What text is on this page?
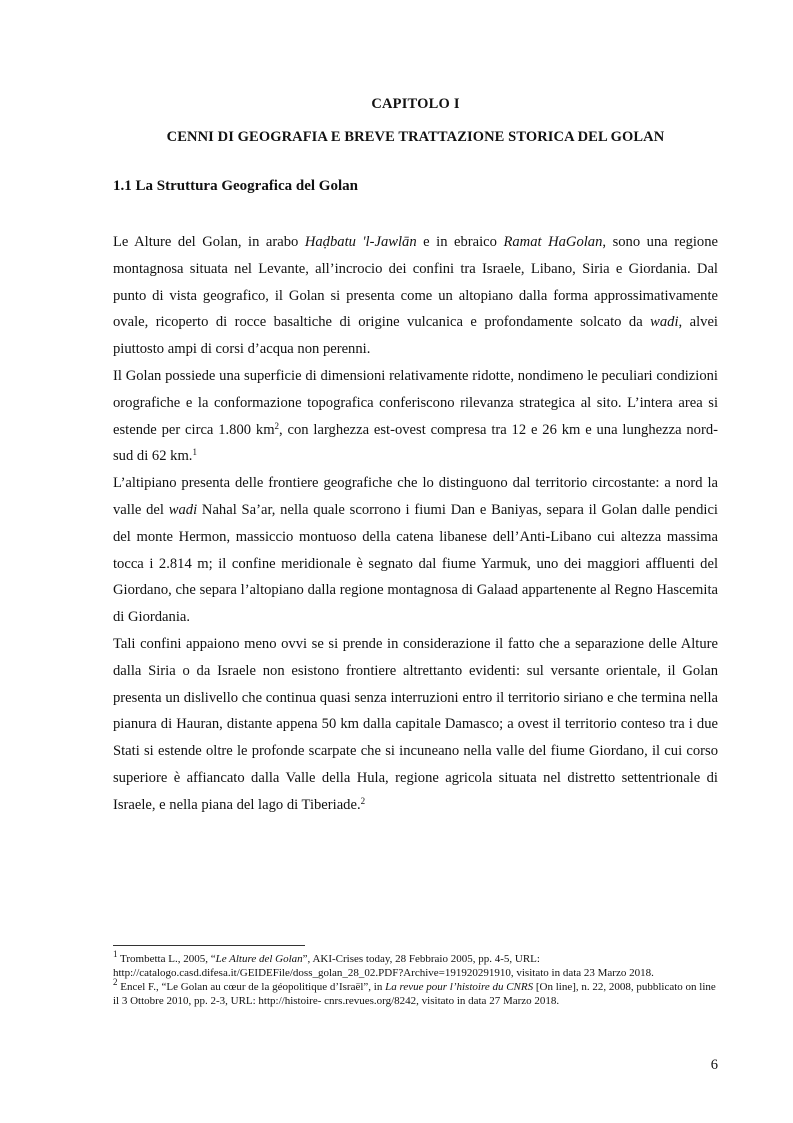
CAPITOLO I
CENNI DI GEOGRAFIA E BREVE TRATTAZIONE STORICA DEL GOLAN
1.1 La Struttura Geografica del Golan

Le Alture del Golan, in arabo Haḍbatu 'l-Jawlān e in ebraico Ramat HaGolan, sono una regione montagnosa situata nel Levante, all’incrocio dei confini tra Israele, Libano, Siria e Giordania. Dal punto di vista geografico, il Golan si presenta come un altopiano dalla forma approssimativamente ovale, ricoperto di rocce basaltiche di origine vulcanica e profondamente solcato da wadi, alvei piuttosto ampi di corsi d’acqua non perenni.

Il Golan possiede una superficie di dimensioni relativamente ridotte, nondimeno le peculiari condizioni orografiche e la conformazione topografica conferiscono rilevanza strategica al sito. L’intera area si estende per circa 1.800 $km^2$, con larghezza est-ovest compresa tra 12 e 26 km e una lunghezza nord-sud di 62 km.$^1$

L’altipiano presenta delle frontiere geografiche che lo distinguono dal territorio circostante: a nord la valle del wadi Nahal Sa’ar, nella quale scorrono i fiumi Dan e Baniyas, separa il Golan dalle pendici del monte Hermon, massiccio montuoso della catena libanese dell’Anti-Libano cui altezza massima tocca i 2.814 m; il confine meridionale è segnato dal fiume Yarmuk, uno dei maggiori affluenti del Giordano, che separa l’altopiano dalla regione montagnosa di Galaad appartenente al Regno Hascemita di Giordania.

Tali confini appaiono meno ovvi se si prende in considerazione il fatto che a separazione delle Alture dalla Siria o da Israele non esistono frontiere altrettanto evidenti: sul versante orientale, il Golan presenta un dislivello che continua quasi senza interruzioni entro il territorio siriano e che termina nella pianura di Hauran, distante appena 50 km dalla capitale Damasco; a ovest il territorio conteso tra i due Stati si estende oltre le profonde scarpate che si incuneano nella valle del fiume Giordano, il cui corso superiore è affiancato dalla Valle della Hula, regione agricola situata nel distretto settentrionale di Israele, e nella piana del lago di Tiberiade.$^2$

$^1$ Trombetta L., 2005, “Le Alture del Golan”, AKI-Crises today, 28 Febbraio 2005, pp. 4-5, URL: http://catalogo.casd.difesa.it/GEIDEFile/doss_golan_28_02.PDF?Archive=191920291910, visitato in data 23 Marzo 2018.

$^2$ Encel F., “Le Golan au cœur de la géopolitique d’Israël”, in La revue pour l’histoire du CNRS [On line], n. 22, 2008, pubblicato on line il 3 Ottobre 2010, pp. 2-3, URL: http://histoire- cnrs.revues.org/8242, visitato in data 27 Marzo 2018.

6
